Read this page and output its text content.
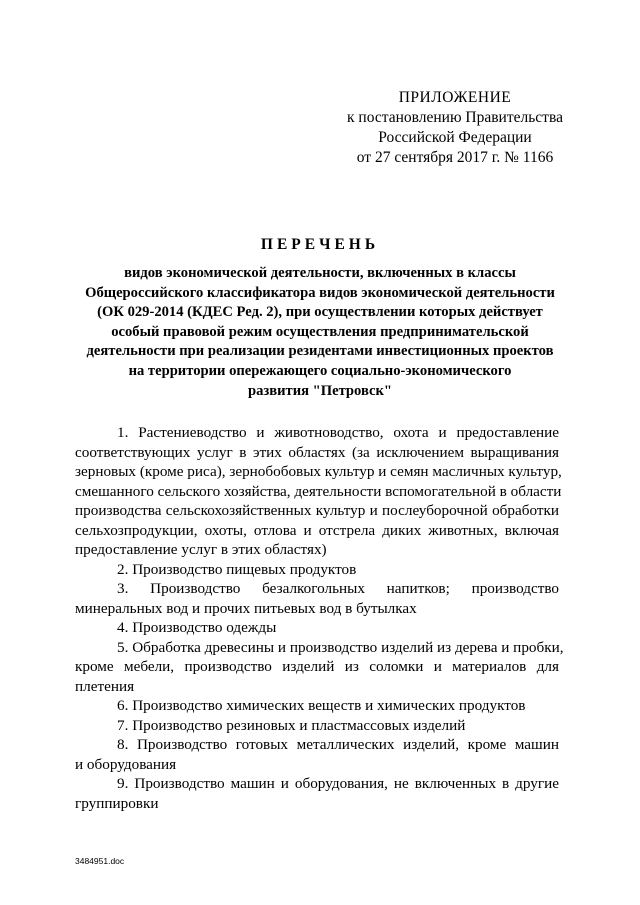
ПРИЛОЖЕНИЕ
к постановлению Правительства
Российской Федерации
от 27 сентября 2017 г. № 1166
ПЕРЕЧЕНЬ
видов экономической деятельности, включенных в классы
Общероссийского классификатора видов экономической деятельности
(ОК 029-2014 (КДЕС Ред. 2), при осуществлении которых действует
особый правовой режим осуществления предпринимательской
деятельности при реализации резидентами инвестиционных проектов
на территории опережающего социально-экономического
развития "Петровск"
1. Растениеводство и животноводство, охота и предоставление
соответствующих услуг в этих областях (за исключением выращивания
зерновых (кроме риса), зернобобовых культур и семян масличных культур,
смешанного сельского хозяйства, деятельности вспомогательной в области
производства сельскохозяйственных культур и послеуборочной обработки
сельхозпродукции, охоты, отлова и отстрела диких животных, включая
предоставление услуг в этих областях)
2. Производство пищевых продуктов
3. Производство безалкогольных напитков; производство
минеральных вод и прочих питьевых вод в бутылках
4. Производство одежды
5. Обработка древесины и производство изделий из дерева и пробки,
кроме мебели, производство изделий из соломки и материалов для
плетения
6. Производство химических веществ и химических продуктов
7. Производство резиновых и пластмассовых изделий
8. Производство готовых металлических изделий, кроме машин
и оборудования
9. Производство машин и оборудования, не включенных в другие
группировки
3484951.doc
